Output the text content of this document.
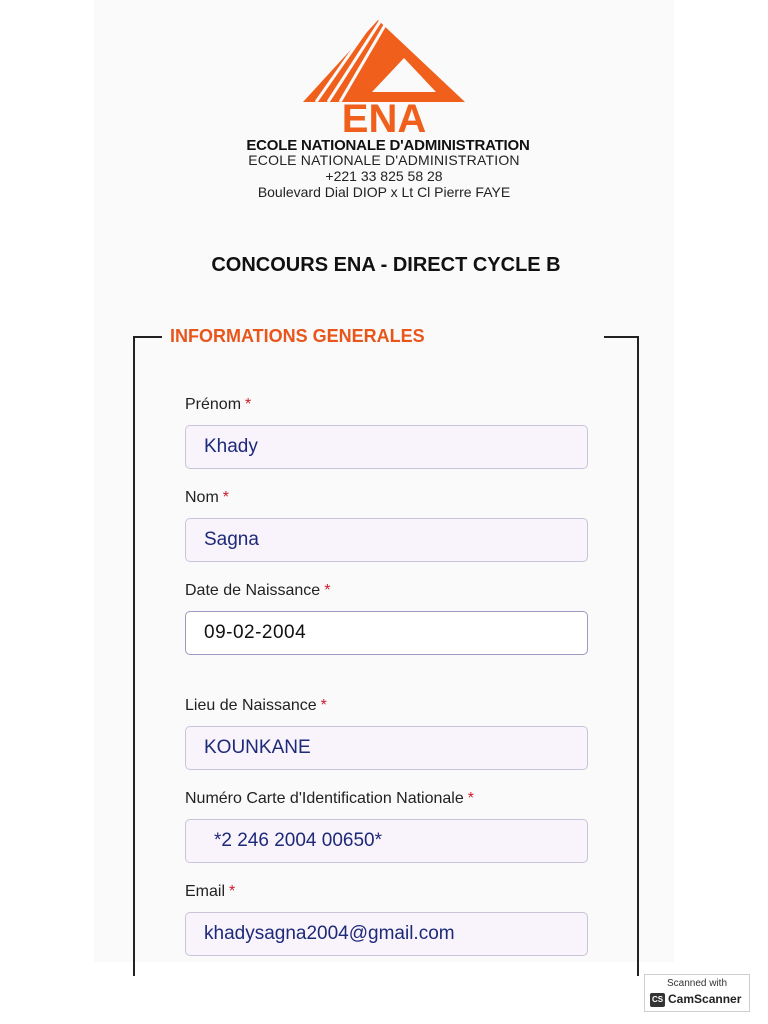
ENA
ECOLE NATIONALE D'ADMINISTRATION
ECOLE NATIONALE D'ADMINISTRATION
+221 33 825 58 28
Boulevard Dial DIOP x Lt Cl Pierre FAYE
CONCOURS ENA - DIRECT CYCLE B
INFORMATIONS GENERALES
Prénom *
Khady
Nom *
Sagna
Date de Naissance *
09-02-2004
Lieu de Naissance *
KOUNKANE
Numéro Carte d'Identification Nationale *
*2 246 2004 00650*
Email *
khadysagna2004@gmail.com
Scanned with
CS CamScanner
